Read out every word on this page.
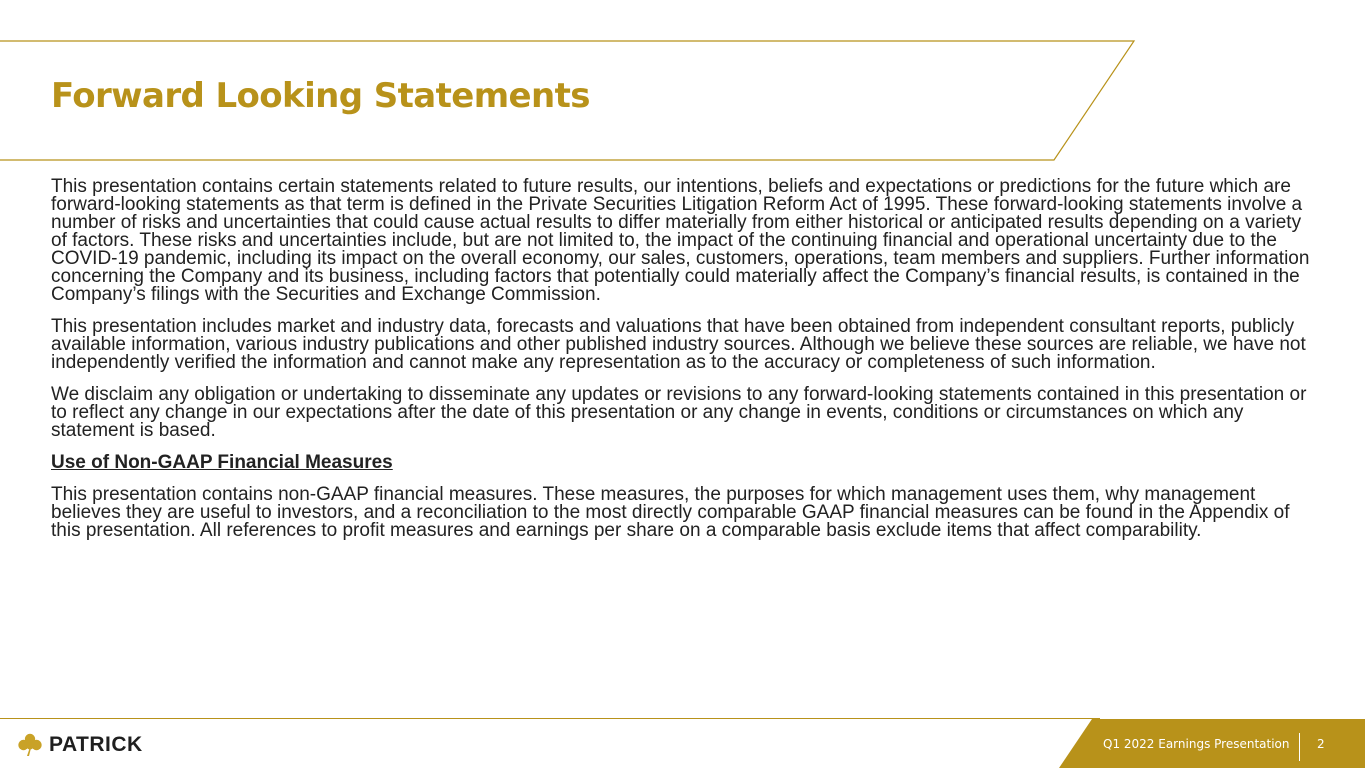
Forward Looking Statements

This presentation contains certain statements related to future results, our intentions, beliefs and expectations or predictions for the future which are forward-looking statements as that term is defined in the Private Securities Litigation Reform Act of 1995. These forward-looking statements involve a number of risks and uncertainties that could cause actual results to differ materially from either historical or anticipated results depending on a variety of factors. These risks and uncertainties include, but are not limited to, the impact of the continuing financial and operational uncertainty due to the COVID-19 pandemic, including its impact on the overall economy, our sales, customers, operations, team members and suppliers. Further information concerning the Company and its business, including factors that potentially could materially affect the Company’s financial results, is contained in the Company’s filings with the Securities and Exchange Commission.

This presentation includes market and industry data, forecasts and valuations that have been obtained from independent consultant reports, publicly available information, various industry publications and other published industry sources. Although we believe these sources are reliable, we have not independently verified the information and cannot make any representation as to the accuracy or completeness of such information.

We disclaim any obligation or undertaking to disseminate any updates or revisions to any forward-looking statements contained in this presentation or to reflect any change in our expectations after the date of this presentation or any change in events, conditions or circumstances on which any statement is based.

Use of Non-GAAP Financial Measures

This presentation contains non-GAAP financial measures. These measures, the purposes for which management uses them, why management believes they are useful to investors, and a reconciliation to the most directly comparable GAAP financial measures can be found in the Appendix of this presentation. All references to profit measures and earnings per share on a comparable basis exclude items that affect comparability.

PATRICK	Q1 2022 Earnings Presentation 2
